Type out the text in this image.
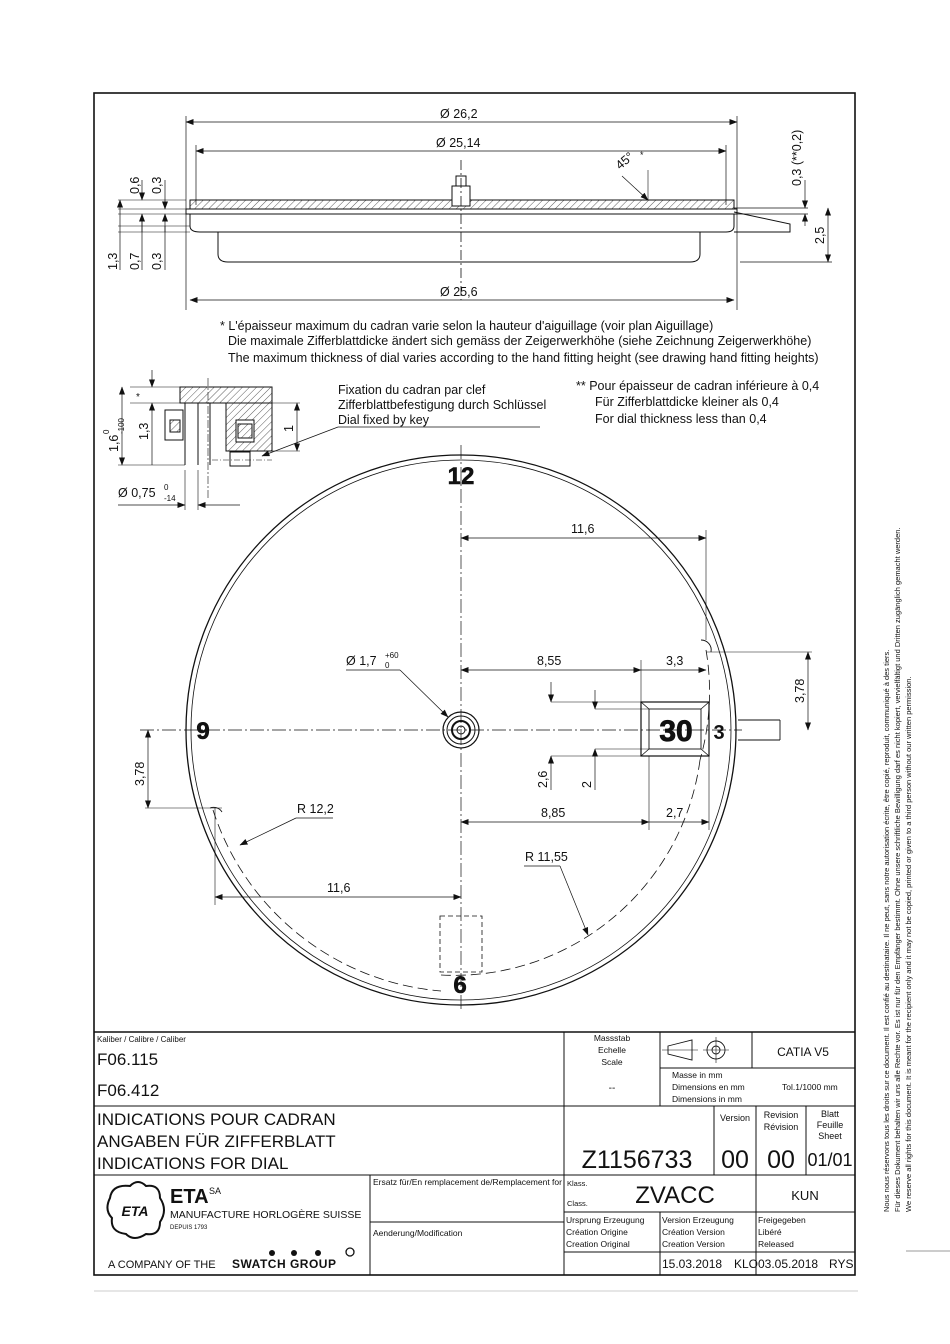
Ø 26,2
Ø 25,14
Ø 25,6
45° *	0,3 (**0,2)
2,5
0,6 0,3
1,3 0,7 0,3
* L'épaisseur maximum du cadran varie selon la hauteur d'aiguillage (voir plan Aiguillage)
Die maximale Zifferblattdicke ändert sich gemäss der Zeigerwerkhöhe (siehe Zeichnung Zeigerwerkhöhe)
The maximum thickness of dial varies according to the hand fitting height (see drawing hand fitting heights)
Fixation du cadran par clef
Zifferblattbefestigung durch Schlüssel
Dial fixed by key
** Pour épaisseur de cadran inférieure à 0,4
Für Zifferblattdicke kleiner als 0,4
For dial thickness less than 0,4
1,6
0 -100 1,3	1
*
Ø 0,75 0
-14
11,6
8,55	3,3
3,78
3,78	2,6 2
8,85	2,7
R 12,2
R 11,55
11,6
Ø 1,7 +60
0
12
9	3
6
30
Kaliber / Calibre / Caliber
F06.115
F06.412
Massstab
Echelle
Scale
--
CATIA V5
Masse in mm
Dimensions en mm
Dimensions in mm
Tol.1/1000 mm
INDICATIONS POUR CADRAN
ANGABEN FÜR ZIFFERBLATT
INDICATIONS FOR DIAL
Version Revision
Révision
Blatt
Feuille
Sheet
Z1156733 00 00 01/01
Ersatz für/En remplacement de/Remplacement for
Aenderung/Modification
Klass.
Class. ZVACC	KUN
Ursprung Erzeugung
Création Origine
Creation Original
Version Erzeugung
Création Version
Creation Version
Freigegeben
Libéré
Released
15.03.2018 KLO 03.05.2018 RYS
ETA
ETA SA
MANUFACTURE HORLOGÈRE SUISSE
DEPUIS 1793
A COMPANY OF THE SWATCH GROUP
Nous nous réservons tous les droits sur ce document. Il est confié au destinataire. Il ne peut, sans notre autorisation écrite, être copié, reproduit, communiqué à des tiers. Für dieses Dokument behalten wir uns alle Rechte vor. Es ist nur für den Empfänger bestimmt. Ohne unsere schriftliche Bewilligung darf es nicht kopiert, vervielfältigt und Dritten zugänglich gemacht werden. We reserve all rights for this document. It is meant for the recipient only and it may not be copied, printed or given to a third person without our written permission.
